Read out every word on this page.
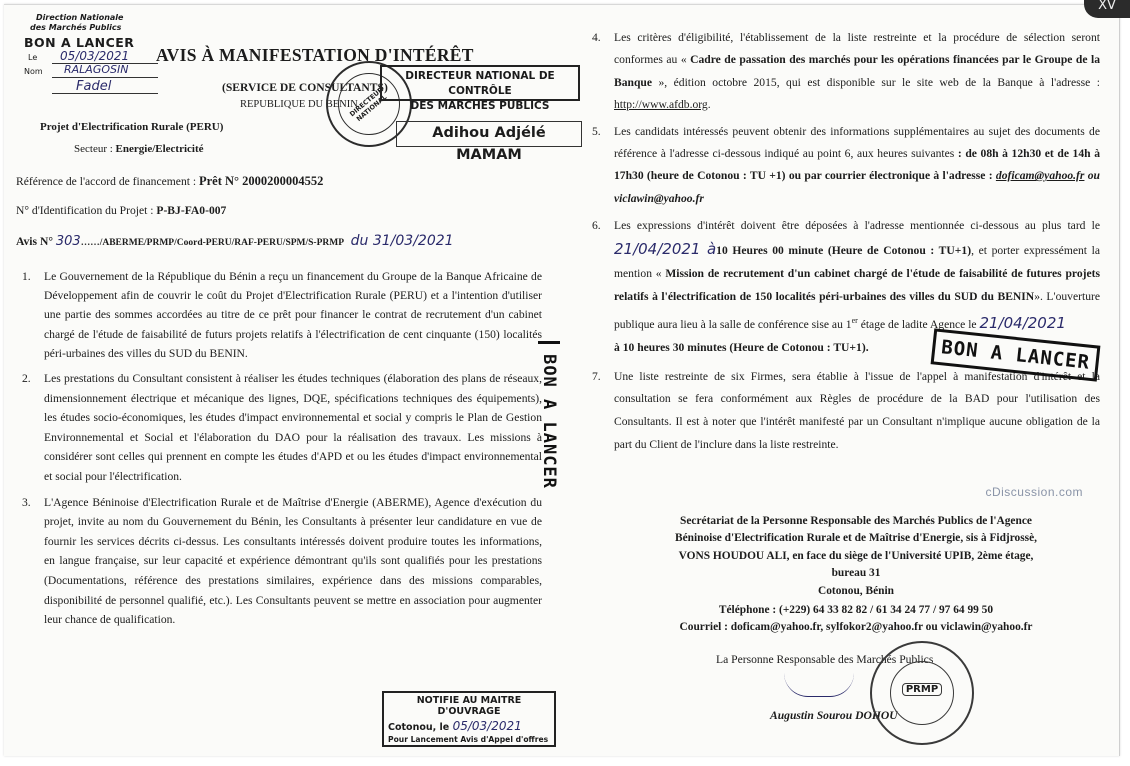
Direction Nationale
des Marchés Publics
BON A LANCER
Le 05/03/2021
Nom RALAGOSIN
Fadel
AVIS À MANIFESTATION D'INTÉRÊT
(SERVICE DE CONSULTANTS)
REPUBLIQUE DU BENIN
DIRECTEUR NATIONAL
DIRECTEUR NATIONAL DE CONTRÔLE
DES MARCHES PUBLICS
Adihou Adjélé MAMAM
Projet d'Electrification Rurale (PERU)
Secteur : Energie/Electricité
Référence de l'accord de financement : Prêt N° 2000200004552
N° d'Identification du Projet : P-BJ-FA0-007
Avis N° 303……/ABERME/PRMP/Coord-PERU/RAF-PERU/SPM/S-PRMP du 31/03/2021
1. Le Gouvernement de la République du Bénin a reçu un financement du Groupe de la Banque Africaine de Développement afin de couvrir le coût du Projet d'Electrification Rurale (PERU) et a l'intention d'utiliser une partie des sommes accordées au titre de ce prêt pour financer le contrat de recrutement d'un cabinet chargé de l'étude de faisabilité de futurs projets relatifs à l'électrification de cent cinquante (150) localités péri-urbaines des villes du SUD du BENIN.
2. Les prestations du Consultant consistent à réaliser les études techniques (élaboration des plans de réseaux, dimensionnement électrique et mécanique des lignes, DQE, spécifications techniques des équipements), les études socio-économiques, les études d'impact environnemental et social y compris le Plan de Gestion Environnemental et Social et l'élaboration du DAO pour la réalisation des travaux. Les missions à considérer sont celles qui prennent en compte les études d'APD et ou les études d'impact environnemental et social pour l'électrification.
3. L'Agence Béninoise d'Electrification Rurale et de Maîtrise d'Energie (ABERME), Agence d'exécution du projet, invite au nom du Gouvernement du Bénin, les Consultants à présenter leur candidature en vue de fournir les services décrits ci-dessus. Les consultants intéressés doivent produire toutes les informations, en langue française, sur leur capacité et expérience démontrant qu'ils sont qualifiés pour les prestations (Documentations, référence des prestations similaires, expérience dans des missions comparables, disponibilité de personnel qualifié, etc.). Les Consultants peuvent se mettre en association pour augmenter leur chance de qualification.
BON A LANCER
NOTIFIE AU MAITRE D'OUVRAGE
Cotonou, le 05/03/2021
Pour Lancement Avis d'Appel d'offres
4. Les critères d'éligibilité, l'établissement de la liste restreinte et la procédure de sélection seront conformes au « Cadre de passation des marchés pour les opérations financées par le Groupe de la Banque », édition octobre 2015, qui est disponible sur le site web de la Banque à l'adresse : http://www.afdb.org.
5. Les candidats intéressés peuvent obtenir des informations supplémentaires au sujet des documents de référence à l'adresse ci-dessous indiqué au point 6, aux heures suivantes : de 08h à 12h30 et de 14h à 17h30 (heure de Cotonou : TU +1) ou par courrier électronique à l'adresse : doficam@yahoo.fr ou viclawin@yahoo.fr
6. Les expressions d'intérêt doivent être déposées à l'adresse mentionnée ci-dessous au plus tard le 21/04/2021 à10 Heures 00 minute (Heure de Cotonou : TU+1), et porter expressément la mention « Mission de recrutement d'un cabinet chargé de l'étude de faisabilité de futures projets relatifs à l'électrification de 150 localités péri-urbaines des villes du SUD du BENIN». L'ouverture publique aura lieu à la salle de conférence sise au 1er étage de ladite Agence le 21/04/2021
à 10 heures 30 minutes (Heure de Cotonou : TU+1).
7. Une liste restreinte de six Firmes, sera établie à l'issue de l'appel à manifestation d'intérêt et la consultation se fera conformément aux Règles de procédure de la BAD pour l'utilisation des Consultants. Il est à noter que l'intérêt manifesté par un Consultant n'implique aucune obligation de la part du Client de l'inclure dans la liste restreinte.
BON A LANCER
cDiscussion.com
Secrétariat de la Personne Responsable des Marchés Publics de l'Agence
Béninoise d'Electrification Rurale et de Maîtrise d'Energie, sis à Fidjrossè,
VONS HOUDOU ALI, en face du siège de l'Université UPIB, 2ème étage,
bureau 31
Cotonou, Bénin
Téléphone : (+229) 64 33 82 82 / 61 34 24 77 / 97 64 99 50
Courriel : doficam@yahoo.fr, sylfokor2@yahoo.fr ou viclawin@yahoo.fr
La Personne Responsable des Marchés Publics
Augustin Sourou DOHOU
PRMP
XV
